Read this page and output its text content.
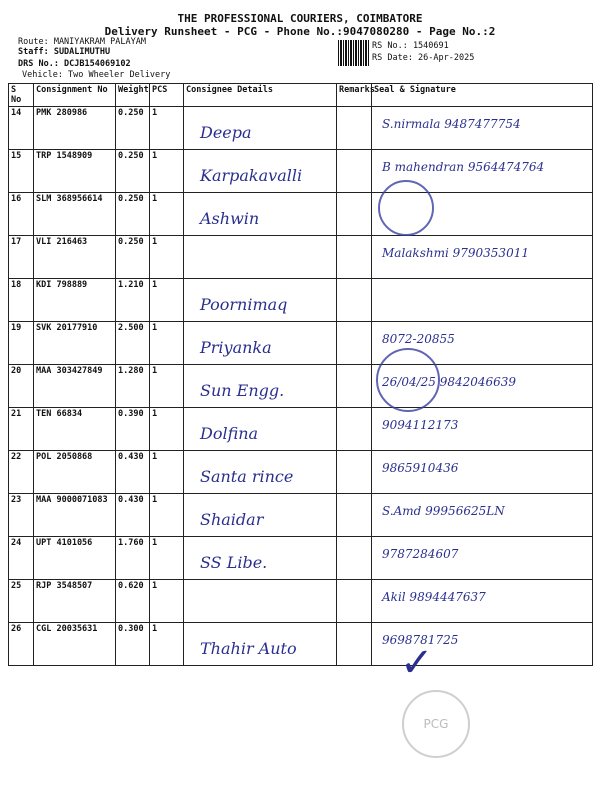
THE PROFESSIONAL COURIERS, COIMBATORE
Delivery Runsheet - PCG - Phone No.:9047080280 - Page No.:2
Route: MANIYAKRAM PALAYAM
Staff: SUDALIMUTHU
DRS No.: DCJB154069102
Vehicle: Two Wheeler Delivery
RS No.: 1540691
RS Date: 26-Apr-2025
S No	Consignment No	Weight	PCS	Consignee Details	Remarks	Seal & Signature
14	PMK 280986	0.250	1	Deepa		S.nirmala 9487477754

15	TRP 1548909	0.250	1	Karpakavalli		B mahendran 9564474764

16	SLM 368956614	0.250	1	Ashwin		

17	VLI 216463	0.250	1			Malakshmi 9790353011

18	KDI 798889	1.210	1	Poornimaq		

19	SVK 20177910	2.500	1	Priyanka		8072-20855

20	MAA 303427849	1.280	1	Sun Engg.		26/04/25 9842046639

21	TEN 66834	0.390	1	Dolfina		9094112173

22	POL 2050868	0.430	1	Santa rince		9865910436

23	MAA 9000071083	0.430	1	Shaidar		S.Amd 99956625LN

24	UPT 4101056	1.760	1	SS Libe.		9787284607

25	RJP 3548507	0.620	1			Akil 9894447637

26	CGL 20035631	0.300	1	Thahir Auto		9698781725
✓
PCG
